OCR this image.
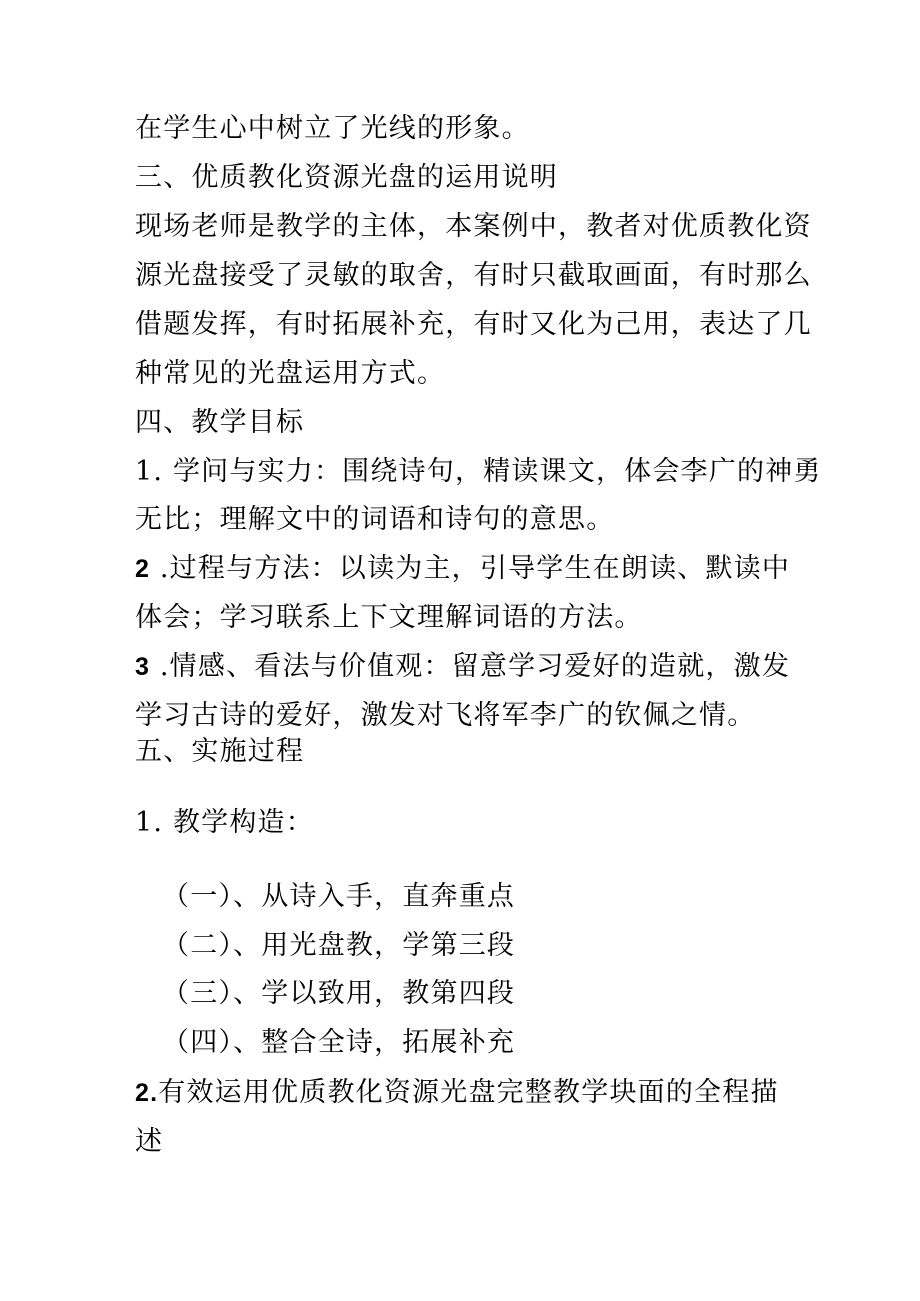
在学生心中树立了光线的形象。
三、优质教化资源光盘的运用说明
现场老师是教学的主体，本案例中，教者对优质教化资
源光盘接受了灵敏的取舍，有时只截取画面，有时那么
借题发挥，有时拓展补充，有时又化为己用，表达了几
种常见的光盘运用方式。
四、教学目标
1. 学问与实力：围绕诗句，精读课文，体会李广的神勇
无比；理解文中的词语和诗句的意思。
2 .过程与方法：以读为主，引导学生在朗读、默读中
体会；学习联系上下文理解词语的方法。
3 .情感、看法与价值观：留意学习爱好的造就，激发
学习古诗的爱好，激发对飞将军李广的钦佩之情。
五、实施过程
1. 教学构造：
（一）、从诗入手，直奔重点
（二）、用光盘教，学第三段
（三）、学以致用，教第四段
（四）、整合全诗，拓展补充
2.有效运用优质教化资源光盘完整教学块面的全程描
述
